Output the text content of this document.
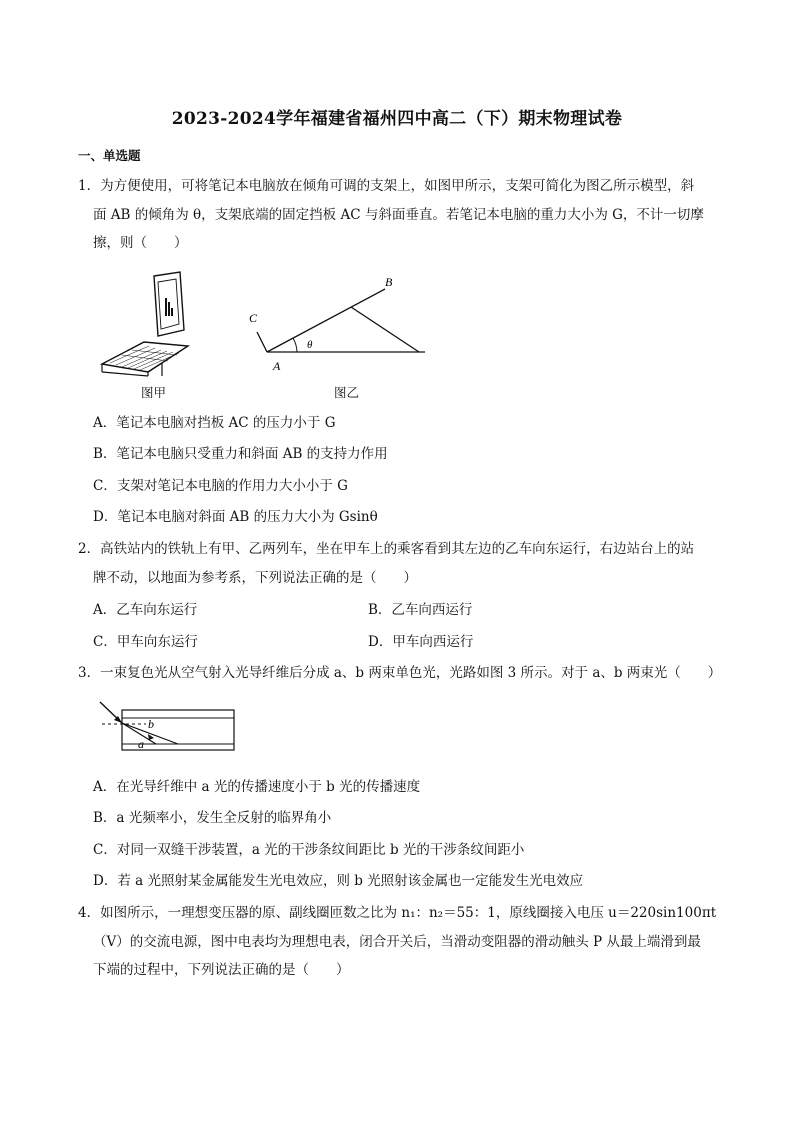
2023-2024学年福建省福州四中高二（下）期末物理试卷
一、单选题
1．为方便使用，可将笔记本电脑放在倾角可调的支架上，如图甲所示，支架可简化为图乙所示模型，斜
面 AB 的倾角为 θ，支架底端的固定挡板 AC 与斜面垂直。若笔记本电脑的重力大小为 G，不计一切摩
擦，则（　　）
图甲
B
C
A
θ
图乙
A．笔记本电脑对挡板 AC 的压力小于 G
B．笔记本电脑只受重力和斜面 AB 的支持力作用
C．支架对笔记本电脑的作用力大小小于 G
D．笔记本电脑对斜面 AB 的压力大小为 Gsinθ
2．高铁站内的铁轨上有甲、乙两列车，坐在甲车上的乘客看到其左边的乙车向东运行，右边站台上的站
牌不动，以地面为参考系，下列说法正确的是（　　）
A．乙车向东运行	B．乙车向西运行
C．甲车向东运行	D．甲车向西运行
3．一束复色光从空气射入光导纤维后分成 a、b 两束单色光，光路如图 3 所示。对于 a、b 两束光（　　）
b
a
A．在光导纤维中 a 光的传播速度小于 b 光的传播速度
B．a 光频率小，发生全反射的临界角小
C．对同一双缝干涉装置，a 光的干涉条纹间距比 b 光的干涉条纹间距小
D．若 a 光照射某金属能发生光电效应，则 b 光照射该金属也一定能发生光电效应
4．如图所示，一理想变压器的原、副线圈匝数之比为 n₁：n₂＝55：1，原线圈接入电压 u＝220sin100πt
（V）的交流电源，图中电表均为理想电表，闭合开关后，当滑动变阻器的滑动触头 P 从最上端滑到最
下端的过程中，下列说法正确的是（　　）
